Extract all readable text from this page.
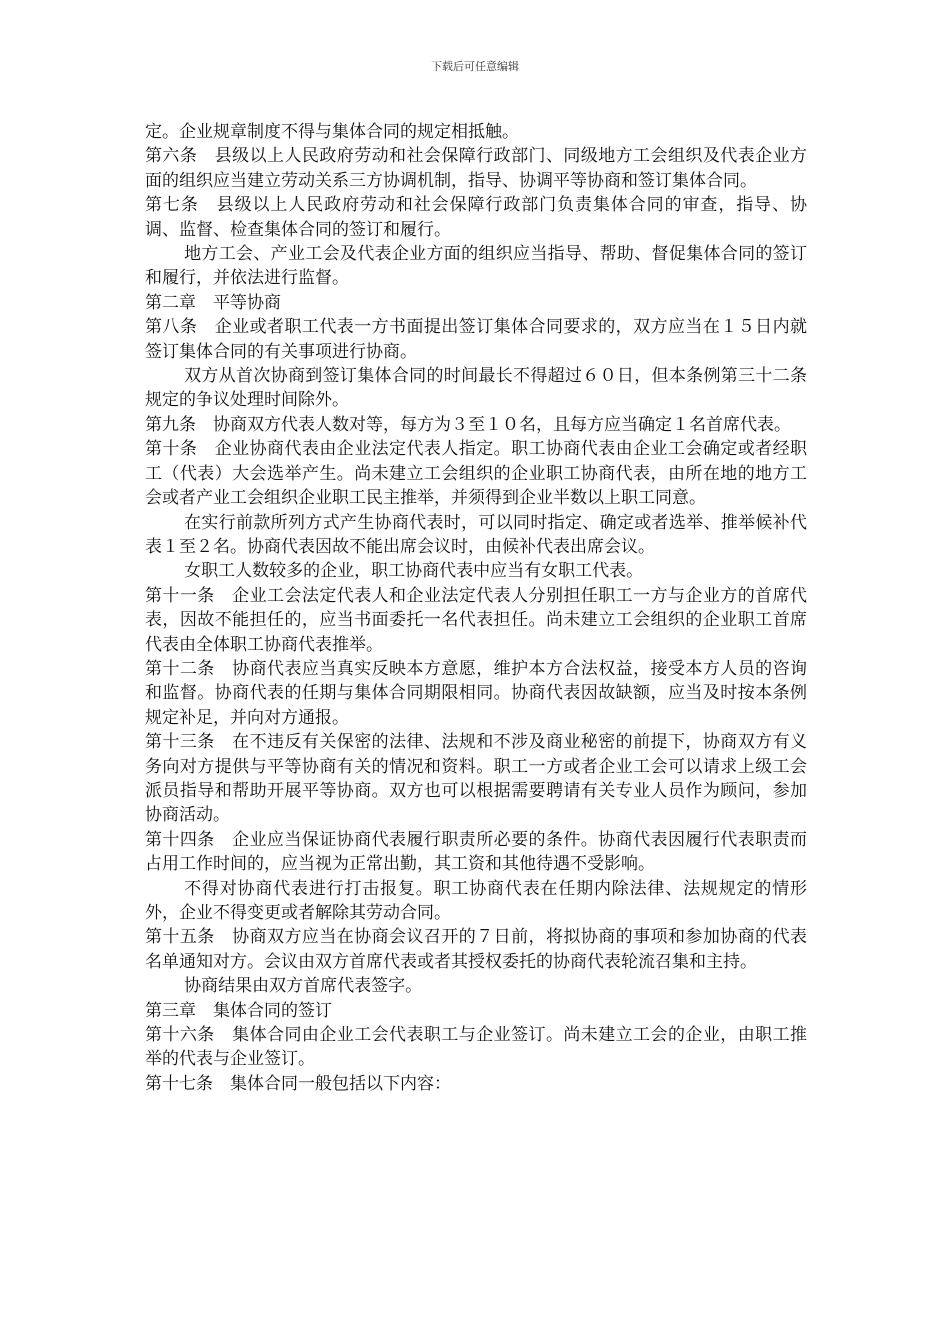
下载后可任意编辑

定。企业规章制度不得与集体合同的规定相抵触。

第六条　县级以上人民政府劳动和社会保障行政部门、同级地方工会组织及代表企业方面的组织应当建立劳动关系三方协调机制，指导、协调平等协商和签订集体合同。

第七条　县级以上人民政府劳动和社会保障行政部门负责集体合同的审查，指导、协调、监督、检查集体合同的签订和履行。

地方工会、产业工会及代表企业方面的组织应当指导、帮助、督促集体合同的签订和履行，并依法进行监督。

第二章　平等协商

第八条　企业或者职工代表一方书面提出签订集体合同要求的，双方应当在１５日内就签订集体合同的有关事项进行协商。

双方从首次协商到签订集体合同的时间最长不得超过６０日，但本条例第三十二条规定的争议处理时间除外。

第九条　协商双方代表人数对等，每方为３至１０名，且每方应当确定１名首席代表。

第十条　企业协商代表由企业法定代表人指定。职工协商代表由企业工会确定或者经职工（代表）大会选举产生。尚未建立工会组织的企业职工协商代表，由所在地的地方工会或者产业工会组织企业职工民主推举，并须得到企业半数以上职工同意。

在实行前款所列方式产生协商代表时，可以同时指定、确定或者选举、推举候补代表１至２名。协商代表因故不能出席会议时，由候补代表出席会议。

女职工人数较多的企业，职工协商代表中应当有女职工代表。

第十一条　企业工会法定代表人和企业法定代表人分别担任职工一方与企业方的首席代表，因故不能担任的，应当书面委托一名代表担任。尚未建立工会组织的企业职工首席代表由全体职工协商代表推举。

第十二条　协商代表应当真实反映本方意愿，维护本方合法权益，接受本方人员的咨询和监督。协商代表的任期与集体合同期限相同。协商代表因故缺额，应当及时按本条例规定补足，并向对方通报。

第十三条　在不违反有关保密的法律、法规和不涉及商业秘密的前提下，协商双方有义务向对方提供与平等协商有关的情况和资料。职工一方或者企业工会可以请求上级工会派员指导和帮助开展平等协商。双方也可以根据需要聘请有关专业人员作为顾问，参加协商活动。

第十四条　企业应当保证协商代表履行职责所必要的条件。协商代表因履行代表职责而占用工作时间的，应当视为正常出勤，其工资和其他待遇不受影响。

不得对协商代表进行打击报复。职工协商代表在任期内除法律、法规规定的情形外，企业不得变更或者解除其劳动合同。

第十五条　协商双方应当在协商会议召开的７日前，将拟协商的事项和参加协商的代表名单通知对方。会议由双方首席代表或者其授权委托的协商代表轮流召集和主持。

协商结果由双方首席代表签字。

第三章　集体合同的签订

第十六条　集体合同由企业工会代表职工与企业签订。尚未建立工会的企业，由职工推举的代表与企业签订。

第十七条　集体合同一般包括以下内容：
